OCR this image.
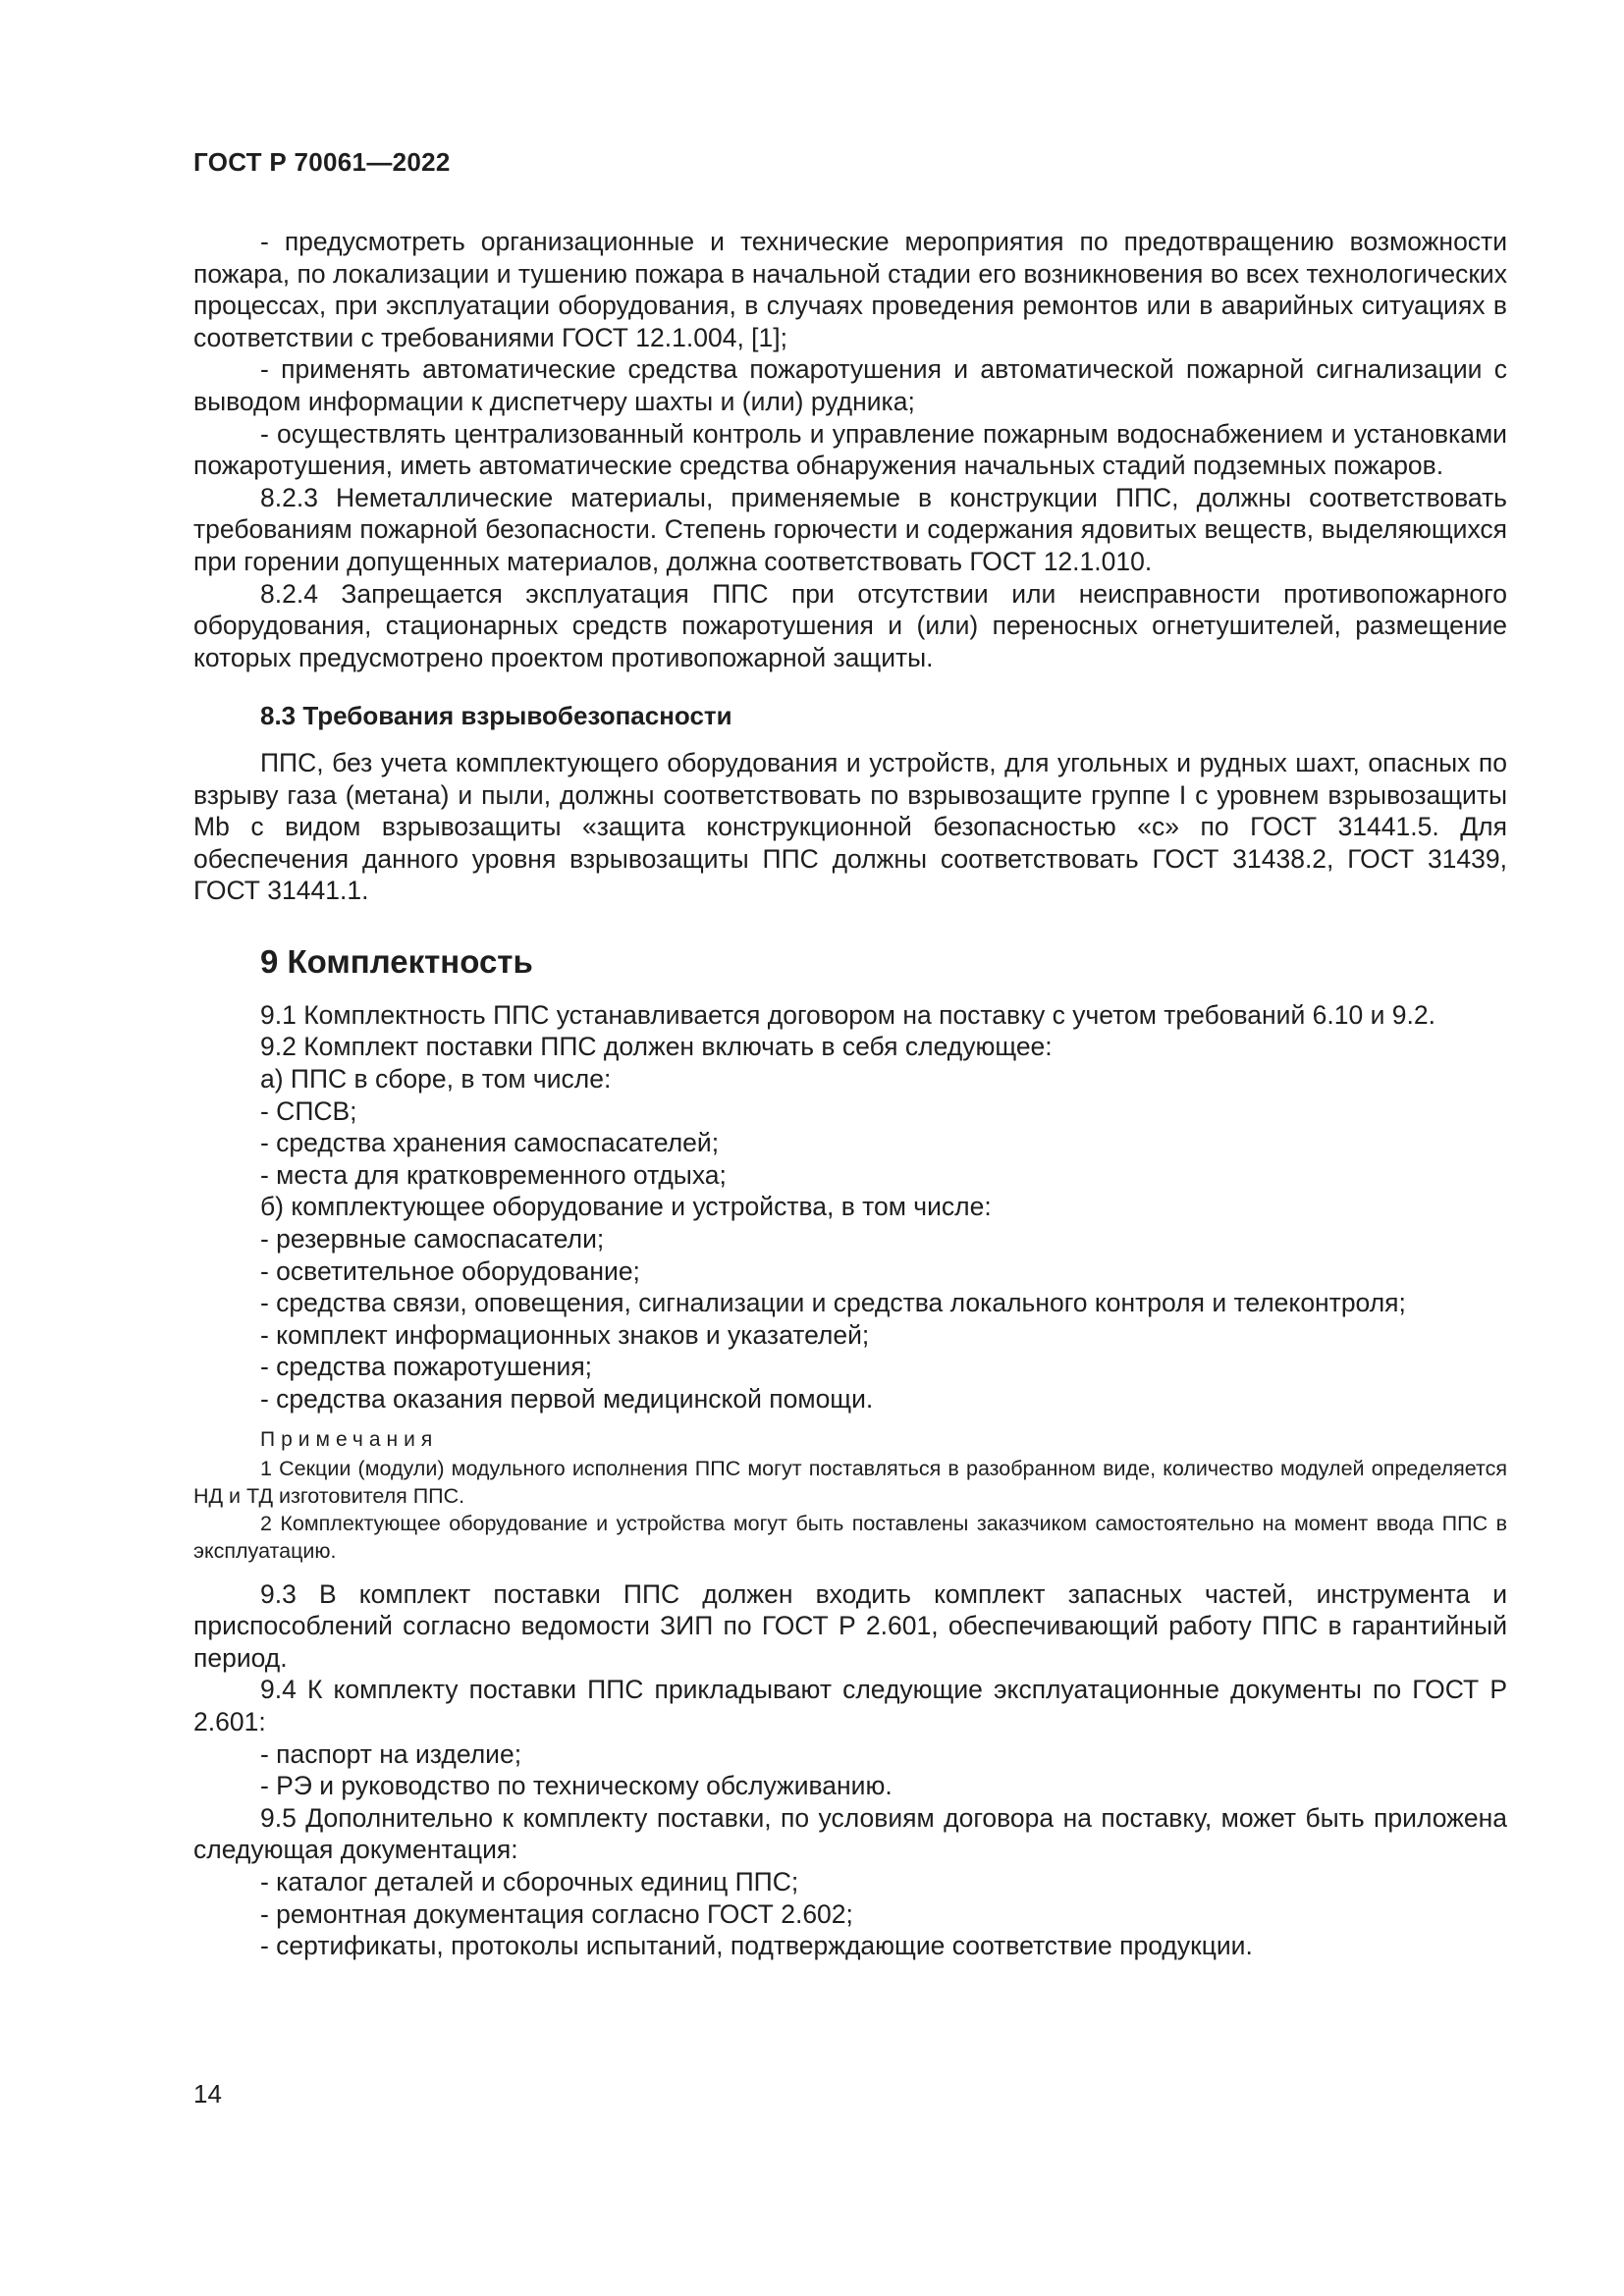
ГОСТ Р 70061—2022

- предусмотреть организационные и технические мероприятия по предотвращению возможности пожара, по локализации и тушению пожара в начальной стадии его возникновения во всех технологических процессах, при эксплуатации оборудования, в случаях проведения ремонтов или в аварийных ситуациях в соответствии с требованиями ГОСТ 12.1.004, [1];

- применять автоматические средства пожаротушения и автоматической пожарной сигнализации с выводом информации к диспетчеру шахты и (или) рудника;

- осуществлять централизованный контроль и управление пожарным водоснабжением и установками пожаротушения, иметь автоматические средства обнаружения начальных стадий подземных пожаров.

8.2.3 Неметаллические материалы, применяемые в конструкции ППС, должны соответствовать требованиям пожарной безопасности. Степень горючести и содержания ядовитых веществ, выделяющихся при горении допущенных материалов, должна соответствовать ГОСТ 12.1.010.

8.2.4 Запрещается эксплуатация ППС при отсутствии или неисправности противопожарного оборудования, стационарных средств пожаротушения и (или) переносных огнетушителей, размещение которых предусмотрено проектом противопожарной защиты.

8.3 Требования взрывобезопасности

ППС, без учета комплектующего оборудования и устройств, для угольных и рудных шахт, опасных по взрыву газа (метана) и пыли, должны соответствовать по взрывозащите группе I с уровнем взрывозащиты Mb с видом взрывозащиты «защита конструкционной безопасностью «с» по ГОСТ 31441.5. Для обеспечения данного уровня взрывозащиты ППС должны соответствовать ГОСТ 31438.2, ГОСТ 31439, ГОСТ 31441.1.

9 Комплектность

9.1 Комплектность ППС устанавливается договором на поставку с учетом требований 6.10 и 9.2.

9.2 Комплект поставки ППС должен включать в себя следующее:

а) ППС в сборе, в том числе:

- СПСВ;

- средства хранения самоспасателей;

- места для кратковременного отдыха;

б) комплектующее оборудование и устройства, в том числе:

- резервные самоспасатели;

- осветительное оборудование;

- средства связи, оповещения, сигнализации и средства локального контроля и телеконтроля;

- комплект информационных знаков и указателей;

- средства пожаротушения;

- средства оказания первой медицинской помощи.

Примечания

1 Секции (модули) модульного исполнения ППС могут поставляться в разобранном виде, количество модулей определяется НД и ТД изготовителя ППС.

2 Комплектующее оборудование и устройства могут быть поставлены заказчиком самостоятельно на момент ввода ППС в эксплуатацию.

9.3 В комплект поставки ППС должен входить комплект запасных частей, инструмента и приспособлений согласно ведомости ЗИП по ГОСТ Р 2.601, обеспечивающий работу ППС в гарантийный период.

9.4 К комплекту поставки ППС прикладывают следующие эксплуатационные документы по ГОСТ Р 2.601:

- паспорт на изделие;

- РЭ и руководство по техническому обслуживанию.

9.5 Дополнительно к комплекту поставки, по условиям договора на поставку, может быть приложена следующая документация:

- каталог деталей и сборочных единиц ППС;

- ремонтная документация согласно ГОСТ 2.602;

- сертификаты, протоколы испытаний, подтверждающие соответствие продукции.

14
